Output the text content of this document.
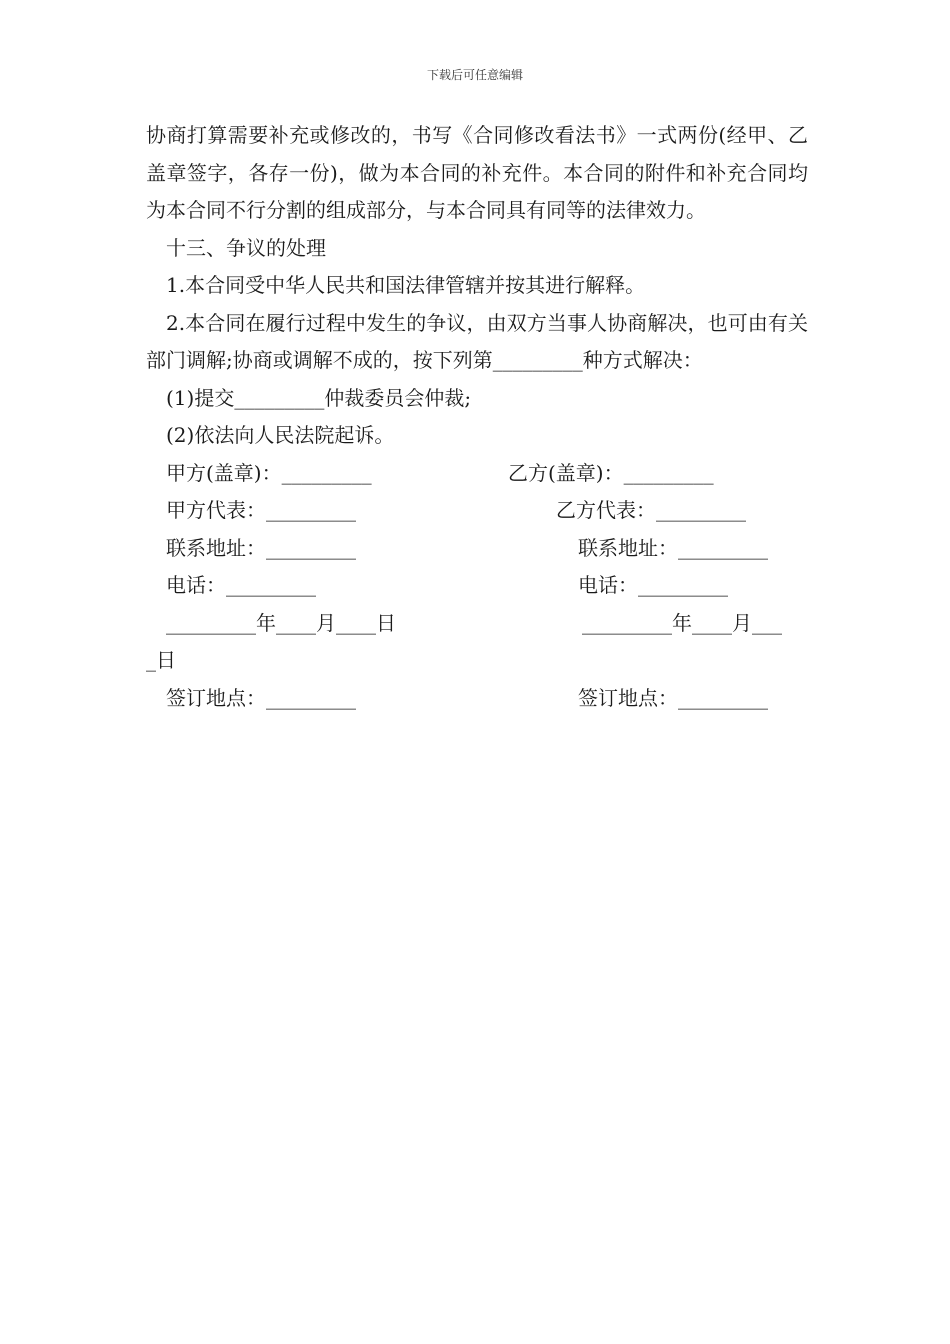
下载后可任意编辑

协商打算需要补充或修改的，书写《合同修改看法书》一式两份(经甲、乙盖章签字，各存一份)，做为本合同的补充件。本合同的附件和补充合同均为本合同不行分割的组成部分，与本合同具有同等的法律效力。

十三、争议的处理

1.本合同受中华人民共和国法律管辖并按其进行解释。

2.本合同在履行过程中发生的争议，由双方当事人协商解决，也可由有关部门调解;协商或调解不成的，按下列第_________种方式解决：

(1)提交_________仲裁委员会仲裁;

(2)依法向人民法院起诉。

甲方(盖章)：_________	乙方(盖章)：_________
甲方代表：_________	乙方代表：_________
联系地址：_________	联系地址：_________
电话：_________	电话：_________
_________年____月____日	_________年____月___
_日
签订地点：_________	签订地点：_________
